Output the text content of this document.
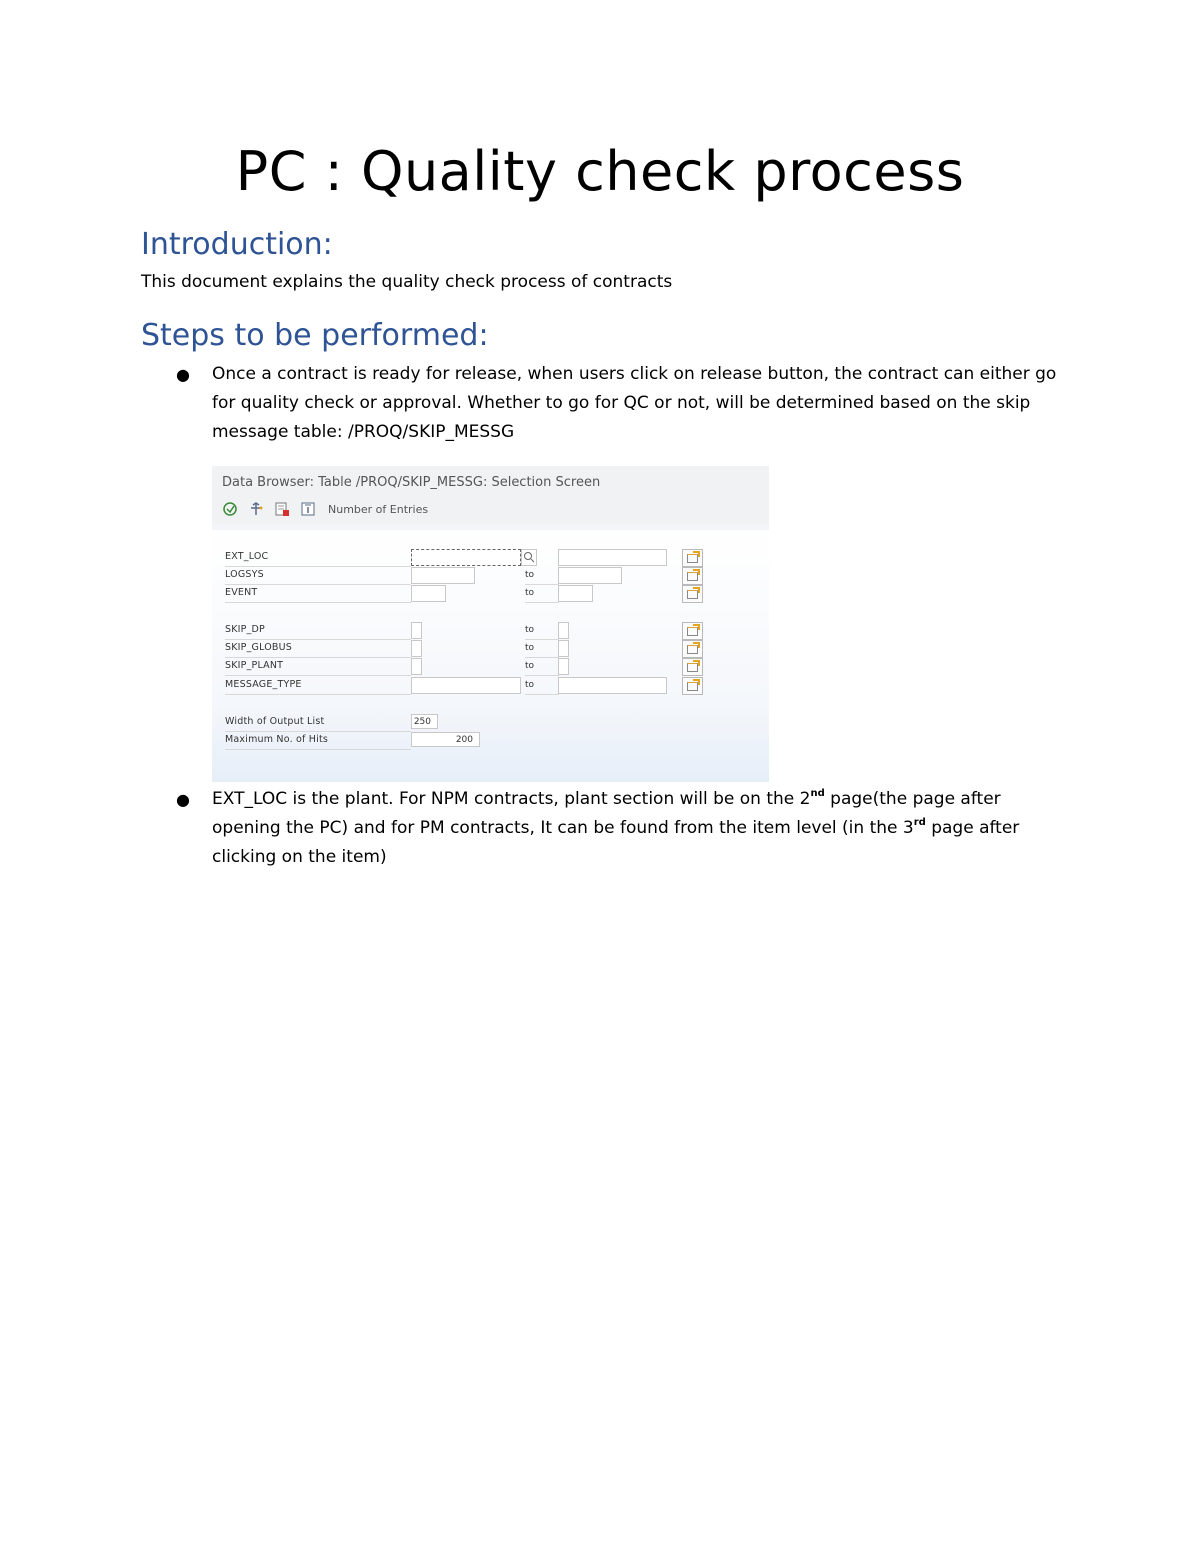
PC : Quality check process
Introduction:

This document explains the quality check process of contracts

Steps to be performed:
● Once a contract is ready for release, when users click on release button, the contract can either go for quality check or approval. Whether to go for QC or not, will be determined based on the skip message table: /PROQ/SKIP_MESSG
Data Browser: Table /PROQ/SKIP_MESSG: Selection Screen
Number of Entries
EXT_LOC
LOGSYS	to
EVENT	to
SKIP_DP	to
SKIP_GLOBUS	to
SKIP_PLANT	to
MESSAGE_TYPE	to
Width of Output List	250
Maximum No. of Hits	200
● EXT_LOC is the plant. For NPM contracts, plant section will be on the 2nd page(the page after opening the PC) and for PM contracts, It can be found from the item level (in the 3rd page after clicking on the item)
